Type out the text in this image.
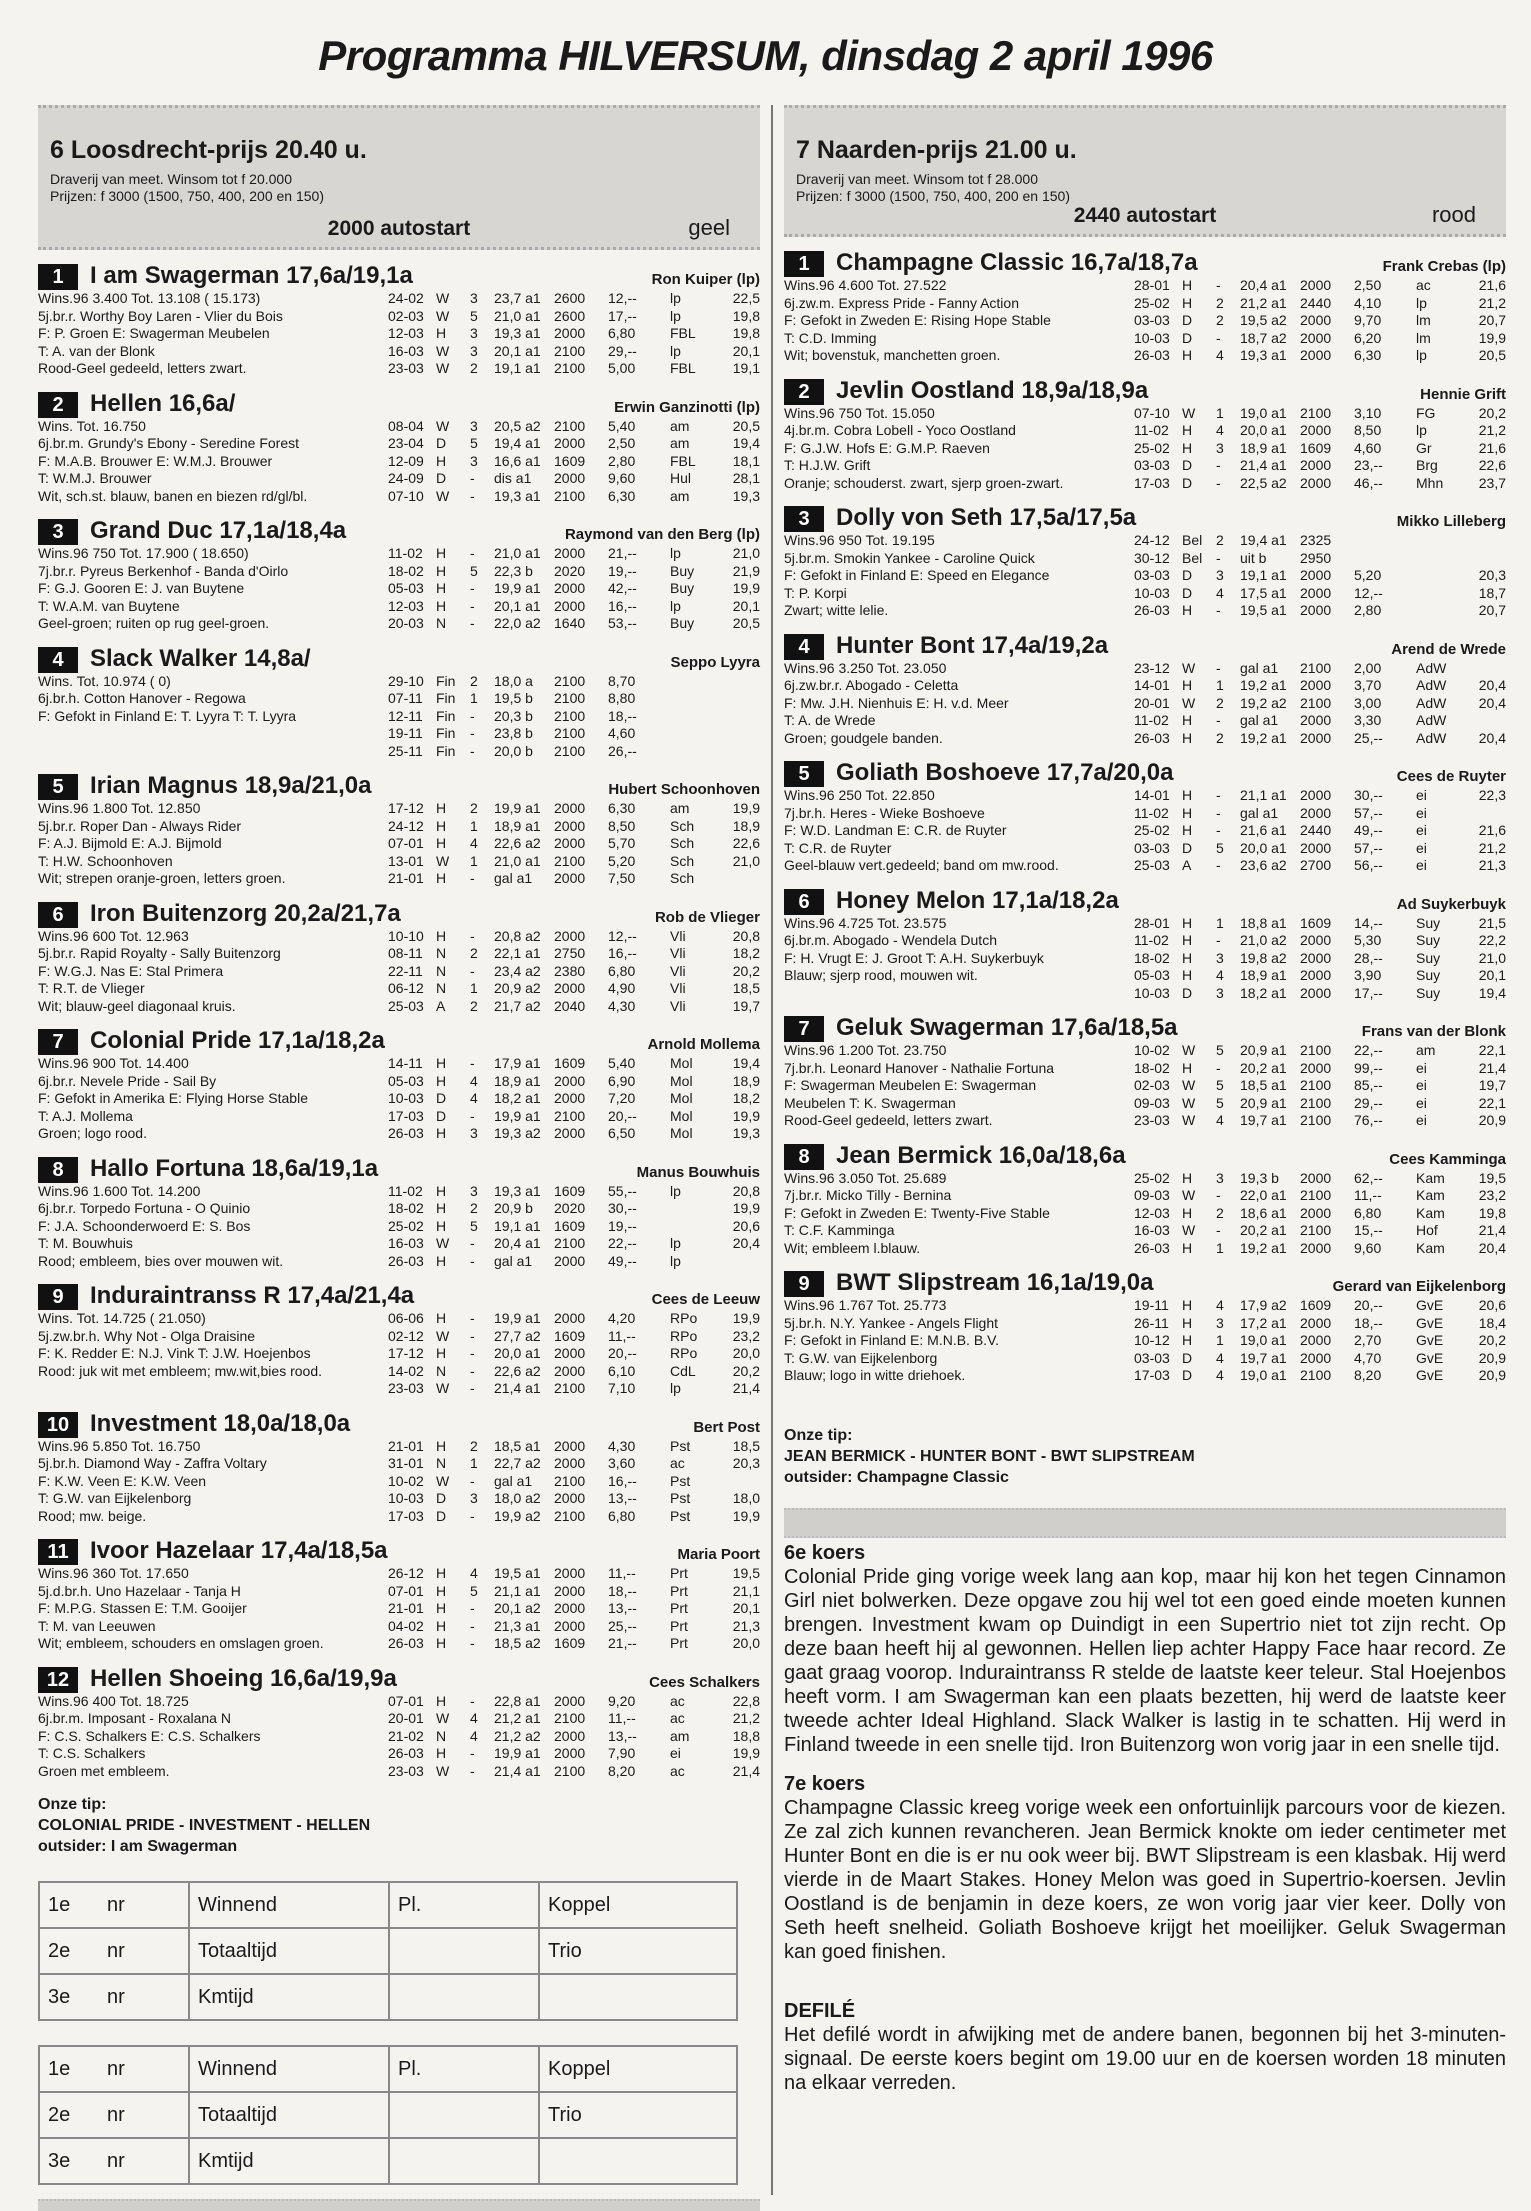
Programma HILVERSUM, dinsdag 2 april 1996
6 Loosdrecht-prijs 20.40 u.
Draverij van meet. Winsom tot f 20.000
Prijzen: f 3000 (1500, 750, 400, 200 en 150)
2000 autostart	geel
1	I am Swagerman 17,6a/19,1a	Ron Kuiper (lp)
Wins.96 3.400 Tot. 13.108 ( 15.173)
5j.br.r. Worthy Boy Laren - Vlier du Bois
F: P. Groen E: Swagerman Meubelen
T: A. van der Blonk
Rood-Geel gedeeld, letters zwart.
24-02	W	3	23,7 a1	2600	12,--	lp	22,5
02-03	W	5	21,0 a1	2600	17,--	lp	19,8
12-03	H	3	19,3 a1	2000	6,80	FBL	19,8
16-03	W	3	20,1 a1	2100	29,--	lp	20,1
23-03	W	2	19,1 a1	2100	5,00	FBL	19,1
2	Hellen 16,6a/	Erwin Ganzinotti (lp)
Wins. Tot. 16.750
6j.br.m. Grundy's Ebony - Seredine Forest
F: M.A.B. Brouwer E: W.M.J. Brouwer
T: W.M.J. Brouwer
Wit, sch.st. blauw, banen en biezen rd/gl/bl.
08-04	W	3	20,5 a2	2100	5,40	am	20,5
23-04	D	5	19,4 a1	2000	2,50	am	19,4
12-09	H	3	16,6 a1	1609	2,80	FBL	18,1
24-09	D	-	dis a1	2000	9,60	Hul	28,1
07-10	W	-	19,3 a1	2100	6,30	am	19,3
3	Grand Duc 17,1a/18,4a	Raymond van den Berg (lp)
Wins.96 750 Tot. 17.900 ( 18.650)
7j.br.r. Pyreus Berkenhof - Banda d'Oirlo
F: G.J. Gooren E: J. van Buytene
T: W.A.M. van Buytene
Geel-groen; ruiten op rug geel-groen.
11-02	H	-	21,0 a1	2000	21,--	lp	21,0
18-02	H	5	22,3 b	2020	19,--	Buy	21,9
05-03	H	-	19,9 a1	2000	42,--	Buy	19,9
12-03	H	-	20,1 a1	2000	16,--	lp	20,1
20-03	N	-	22,0 a2	1640	53,--	Buy	20,5
4	Slack Walker 14,8a/	Seppo Lyyra
Wins. Tot. 10.974 ( 0)
6j.br.h. Cotton Hanover - Regowa
F: Gefokt in Finland E: T. Lyyra T: T. Lyyra
29-10	Fin	2	18,0 a	2100	8,70		
07-11	Fin	1	19,5 b	2100	8,80		
12-11	Fin	-	20,3 b	2100	18,--		
19-11	Fin	-	23,8 b	2100	4,60		
25-11	Fin	-	20,0 b	2100	26,--		
5	Irian Magnus 18,9a/21,0a	Hubert Schoonhoven
Wins.96 1.800 Tot. 12.850
5j.br.r. Roper Dan - Always Rider
F: A.J. Bijmold E: A.J. Bijmold
T: H.W. Schoonhoven
Wit; strepen oranje-groen, letters groen.
17-12	H	2	19,9 a1	2000	6,30	am	19,9
24-12	H	1	18,9 a1	2000	8,50	Sch	18,9
07-01	H	4	22,6 a2	2000	5,70	Sch	22,6
13-01	W	1	21,0 a1	2100	5,20	Sch	21,0
21-01	H	-	gal a1	2000	7,50	Sch	
6	Iron Buitenzorg 20,2a/21,7a	Rob de Vlieger
Wins.96 600 Tot. 12.963
5j.br.r. Rapid Royalty - Sally Buitenzorg
F: W.G.J. Nas E: Stal Primera
T: R.T. de Vlieger
Wit; blauw-geel diagonaal kruis.
10-10	H	-	20,8 a2	2000	12,--	Vli	20,8
08-11	N	2	22,1 a1	2750	16,--	Vli	18,2
22-11	N	-	23,4 a2	2380	6,80	Vli	20,2
06-12	N	1	20,9 a2	2000	4,90	Vli	18,5
25-03	A	2	21,7 a2	2040	4,30	Vli	19,7
7	Colonial Pride 17,1a/18,2a	Arnold Mollema
Wins.96 900 Tot. 14.400
6j.br.r. Nevele Pride - Sail By
F: Gefokt in Amerika E: Flying Horse Stable
T: A.J. Mollema
Groen; logo rood.
14-11	H	-	17,9 a1	1609	5,40	Mol	19,4
05-03	H	4	18,9 a1	2000	6,90	Mol	18,9
10-03	D	4	18,2 a1	2000	7,20	Mol	18,2
17-03	D	-	19,9 a1	2100	20,--	Mol	19,9
26-03	H	3	19,3 a2	2000	6,50	Mol	19,3
8	Hallo Fortuna 18,6a/19,1a	Manus Bouwhuis
Wins.96 1.600 Tot. 14.200
6j.br.r. Torpedo Fortuna - O Quinio
F: J.A. Schoonderwoerd E: S. Bos
T: M. Bouwhuis
Rood; embleem, bies over mouwen wit.
11-02	H	3	19,3 a1	1609	55,--	lp	20,8
18-02	H	2	20,9 b	2020	30,--		19,9
25-02	H	5	19,1 a1	1609	19,--		20,6
16-03	W	-	20,4 a1	2100	22,--	lp	20,4
26-03	H	-	gal a1	2000	49,--	lp	
9	Induraintranss R 17,4a/21,4a	Cees de Leeuw
Wins. Tot. 14.725 ( 21.050)
5j.zw.br.h. Why Not - Olga Draisine
F: K. Redder E: N.J. Vink T: J.W. Hoejenbos
Rood: juk wit met embleem; mw.wit,bies rood.
06-06	H	-	19,9 a1	2000	4,20	RPo	19,9
02-12	W	-	27,7 a2	1609	11,--	RPo	23,2
17-12	H	-	20,0 a1	2000	20,--	RPo	20,0
14-02	N	-	22,6 a2	2000	6,10	CdL	20,2
23-03	W	-	21,4 a1	2100	7,10	lp	21,4
10 Investment 18,0a/18,0a	Bert Post
Wins.96 5.850 Tot. 16.750
5j.br.h. Diamond Way - Zaffra Voltary
F: K.W. Veen E: K.W. Veen
T: G.W. van Eijkelenborg
Rood; mw. beige.
21-01	H	2	18,5 a1	2000	4,30	Pst	18,5
31-01	N	1	22,7 a2	2000	3,60	ac	20,3
10-02	W	-	gal a1	2100	16,--	Pst	
10-03	D	3	18,0 a2	2000	13,--	Pst	18,0
17-03	D	-	19,9 a2	2100	6,80	Pst	19,9
11 Ivoor Hazelaar 17,4a/18,5a	Maria Poort
Wins.96 360 Tot. 17.650
5j.d.br.h. Uno Hazelaar - Tanja H
F: M.P.G. Stassen E: T.M. Gooijer
T: M. van Leeuwen
Wit; embleem, schouders en omslagen groen.
26-12	H	4	19,5 a1	2000	11,--	Prt	19,5
07-01	H	5	21,1 a1	2000	18,--	Prt	21,1
21-01	H	-	20,1 a2	2000	13,--	Prt	20,1
04-02	H	-	21,3 a1	2000	25,--	Prt	21,3
26-03	H	-	18,5 a2	1609	21,--	Prt	20,0
12 Hellen Shoeing 16,6a/19,9a	Cees Schalkers
Wins.96 400 Tot. 18.725
6j.br.m. Imposant - Roxalana N
F: C.S. Schalkers E: C.S. Schalkers
T: C.S. Schalkers
Groen met embleem.
07-01	H	-	22,8 a1	2000	9,20	ac	22,8
20-01	W	4	21,2 a1	2100	11,--	ac	21,2
21-02	N	4	21,2 a2	2000	13,--	am	18,8
26-03	H	-	19,9 a1	2000	7,90	ei	19,9
23-03	W	-	21,4 a1	2100	8,20	ac	21,4
Onze tip:
COLONIAL PRIDE - INVESTMENT - HELLEN
outsider: I am Swagerman
1e	nr	Winnend	Pl.	Koppel
2e	nr	Totaaltijd		Trio
3e	nr	Kmtijd		
1e	nr	Winnend	Pl.	Koppel
2e	nr	Totaaltijd		Trio
3e	nr	Kmtijd		
7 Naarden-prijs 21.00 u.
Draverij van meet. Winsom tot f 28.000
Prijzen: f 3000 (1500, 750, 400, 200 en 150)
2440 autostart	rood
1	Champagne Classic 16,7a/18,7a	Frank Crebas (lp)
Wins.96 4.600 Tot. 27.522
6j.zw.m. Express Pride - Fanny Action
F: Gefokt in Zweden E: Rising Hope Stable
T: C.D. Imming
Wit; bovenstuk, manchetten groen.
28-01	H	-	20,4 a1	2000	2,50	ac	21,6
25-02	H	2	21,2 a1	2440	4,10	lp	21,2
03-03	D	2	19,5 a2	2000	9,70	lm	20,7
10-03	D	-	18,7 a2	2000	6,20	lm	19,9
26-03	H	4	19,3 a1	2000	6,30	lp	20,5
2	Jevlin Oostland 18,9a/18,9a	Hennie Grift
Wins.96 750 Tot. 15.050
4j.br.m. Cobra Lobell - Yoco Oostland
F: G.J.W. Hofs E: G.M.P. Raeven
T: H.J.W. Grift
Oranje; schouderst. zwart, sjerp groen-zwart.
07-10	W	1	19,0 a1	2100	3,10	FG	20,2
11-02	H	4	20,0 a1	2000	8,50	lp	21,2
25-02	H	3	18,9 a1	1609	4,60	Gr	21,6
03-03	D	-	21,4 a1	2000	23,--	Brg	22,6
17-03	D	-	22,5 a2	2000	46,--	Mhn	23,7
3	Dolly von Seth 17,5a/17,5a	Mikko Lilleberg
Wins.96 950 Tot. 19.195
5j.br.m. Smokin Yankee - Caroline Quick
F: Gefokt in Finland E: Speed en Elegance
T: P. Korpi
Zwart; witte lelie.
24-12	Bel	2	19,4 a1	2325			
30-12	Bel	-	uit b	2950			
03-03	D	3	19,1 a1	2000	5,20		20,3
10-03	D	4	17,5 a1	2000	12,--		18,7
26-03	H	-	19,5 a1	2000	2,80		20,7
4	Hunter Bont 17,4a/19,2a	Arend de Wrede
Wins.96 3.250 Tot. 23.050
6j.zw.br.r. Abogado - Celetta
F: Mw. J.H. Nienhuis E: H. v.d. Meer
T: A. de Wrede
Groen; goudgele banden.
23-12	W	-	gal a1	2100	2,00	AdW	
14-01	H	1	19,2 a1	2000	3,70	AdW	20,4
20-01	W	2	19,2 a2	2100	3,00	AdW	20,4
11-02	H	-	gal a1	2000	3,30	AdW	
26-03	H	2	19,2 a1	2000	25,--	AdW	20,4
5	Goliath Boshoeve 17,7a/20,0a	Cees de Ruyter
Wins.96 250 Tot. 22.850
7j.br.h. Heres - Wieke Boshoeve
F: W.D. Landman E: C.R. de Ruyter
T: C.R. de Ruyter
Geel-blauw vert.gedeeld; band om mw.rood.
14-01	H	-	21,1 a1	2000	30,--	ei	22,3
11-02	H	-	gal a1	2000	57,--	ei	
25-02	H	-	21,6 a1	2440	49,--	ei	21,6
03-03	D	5	20,0 a1	2000	57,--	ei	21,2
25-03	A	-	23,6 a2	2700	56,--	ei	21,3
6	Honey Melon 17,1a/18,2a	Ad Suykerbuyk
Wins.96 4.725 Tot. 23.575
6j.br.m. Abogado - Wendela Dutch
F: H. Vrugt E: J. Groot T: A.H. Suykerbuyk
Blauw; sjerp rood, mouwen wit.
28-01	H	1	18,8 a1	1609	14,--	Suy	21,5
11-02	H	-	21,0 a2	2000	5,30	Suy	22,2
18-02	H	3	19,8 a2	2000	28,--	Suy	21,0
05-03	H	4	18,9 a1	2000	3,90	Suy	20,1
10-03	D	3	18,2 a1	2000	17,--	Suy	19,4
7	Geluk Swagerman 17,6a/18,5a	Frans van der Blonk
Wins.96 1.200 Tot. 23.750
7j.br.h. Leonard Hanover - Nathalie Fortuna
F: Swagerman Meubelen E: Swagerman
Meubelen T: K. Swagerman
Rood-Geel gedeeld, letters zwart.
10-02	W	5	20,9 a1	2100	22,--	am	22,1
18-02	H	-	20,2 a1	2000	99,--	ei	21,4
02-03	W	5	18,5 a1	2100	85,--	ei	19,7
09-03	W	5	20,9 a1	2100	29,--	ei	22,1
23-03	W	4	19,7 a1	2100	76,--	ei	20,9
8	Jean Bermick 16,0a/18,6a	Cees Kamminga
Wins.96 3.050 Tot. 25.689
7j.br.r. Micko Tilly - Bernina
F: Gefokt in Zweden E: Twenty-Five Stable
T: C.F. Kamminga
Wit; embleem l.blauw.
25-02	H	3	19,3 b	2000	62,--	Kam	19,5
09-03	W	-	22,0 a1	2100	11,--	Kam	23,2
12-03	H	2	18,6 a1	2000	6,80	Kam	19,8
16-03	W	-	20,2 a1	2100	15,--	Hof	21,4
26-03	H	1	19,2 a1	2000	9,60	Kam	20,4
9	BWT Slipstream 16,1a/19,0a	Gerard van Eijkelenborg
Wins.96 1.767 Tot. 25.773
5j.br.h. N.Y. Yankee - Angels Flight
F: Gefokt in Finland E: M.N.B. B.V.
T: G.W. van Eijkelenborg
Blauw; logo in witte driehoek.
19-11	H	4	17,9 a2	1609	20,--	GvE	20,6
26-11	H	3	17,2 a1	2000	18,--	GvE	18,4
10-12	H	1	19,0 a1	2000	2,70	GvE	20,2
03-03	D	4	19,7 a1	2000	4,70	GvE	20,9
17-03	D	4	19,0 a1	2100	8,20	GvE	20,9
Onze tip:
JEAN BERMICK - HUNTER BONT - BWT SLIPSTREAM
outsider: Champagne Classic
6e koers

Colonial Pride ging vorige week lang aan kop, maar hij kon het tegen Cinnamon Girl niet bolwerken. Deze opgave zou hij wel tot een goed einde moeten kunnen brengen. Investment kwam op Duindigt in een Supertrio niet tot zijn recht. Op deze baan heeft hij al gewonnen. Hellen liep achter Happy Face haar record. Ze gaat graag voorop. Induraintranss R stelde de laatste keer teleur. Stal Hoejenbos heeft vorm. I am Swagerman kan een plaats bezetten, hij werd de laatste keer tweede achter Ideal Highland. Slack Walker is lastig in te schatten. Hij werd in Finland tweede in een snelle tijd. Iron Buitenzorg won vorig jaar in een snelle tijd.

7e koers

Champagne Classic kreeg vorige week een onfortuinlijk parcours voor de kiezen. Ze zal zich kunnen revancheren. Jean Bermick knokte om ieder centimeter met Hunter Bont en die is er nu ook weer bij. BWT Slipstream is een klasbak. Hij werd vierde in de Maart Stakes. Honey Melon was goed in Supertrio-koersen. Jevlin Oostland is de benjamin in deze koers, ze won vorig jaar vier keer. Dolly von Seth heeft snelheid. Goliath Boshoeve krijgt het moeilijker. Geluk Swagerman kan goed finishen.

DEFILÉ

Het defilé wordt in afwijking met de andere banen, begonnen bij het 3-minuten-signaal. De eerste koers begint om 19.00 uur en de koersen worden 18 minuten na elkaar verreden.
